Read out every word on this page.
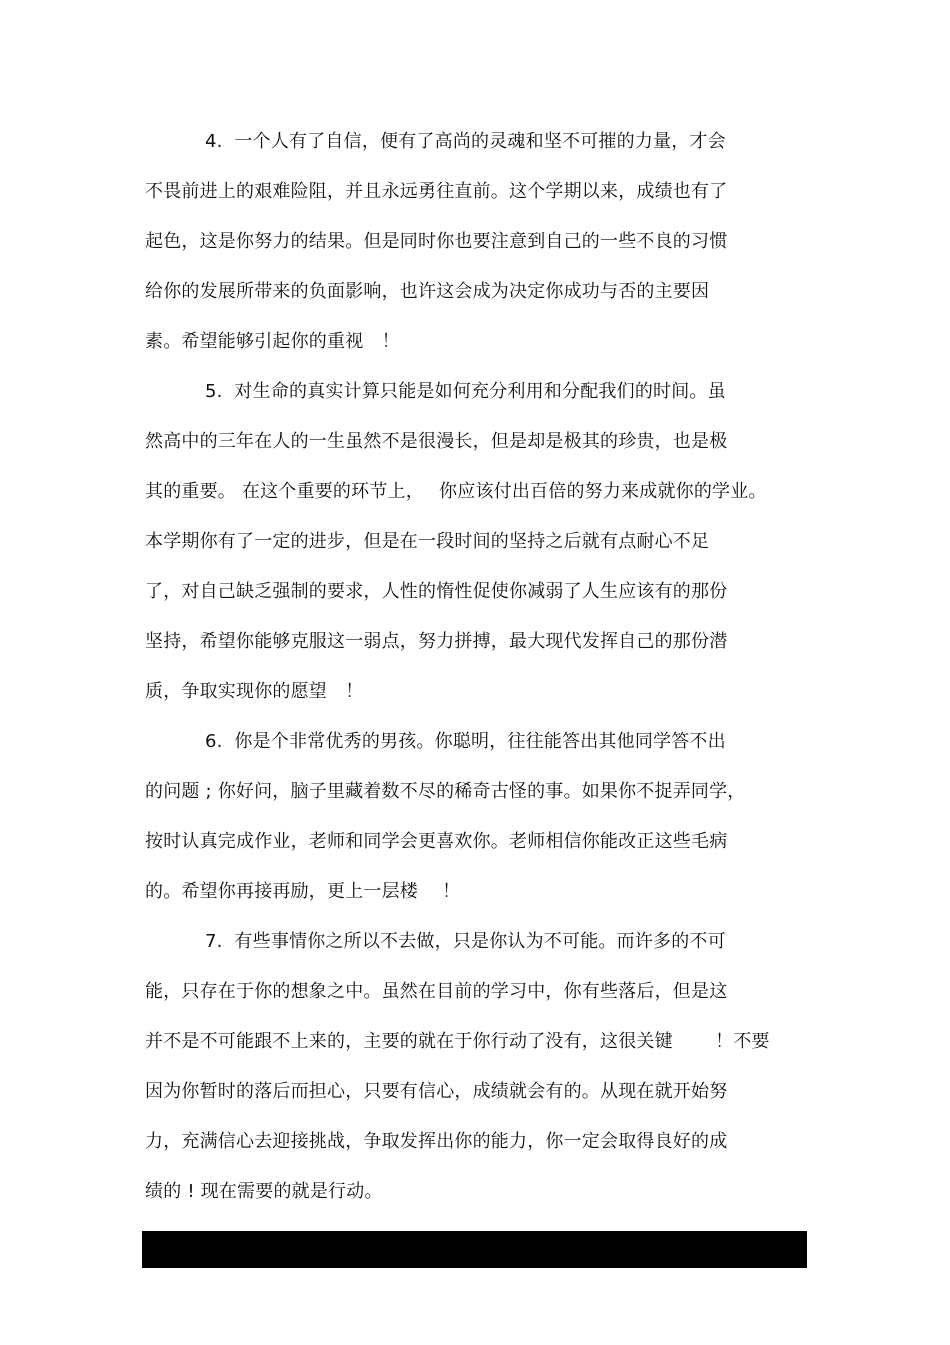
4.  一个人有了自信，便有了高尚的灵魂和坚不可摧的力量，才会
不畏前进上的艰难险阻，并且永远勇往直前。这个学期以来，成绩也有了
起色，这是你努力的结果。但是同时你也要注意到自己的一些不良的习惯
给你的发展所带来的负面影响，也许这会成为决定你成功与否的主要因
素。希望能够引起你的重视　！
5.  对生命的真实计算只能是如何充分利用和分配我们的时间。虽
然高中的三年在人的一生虽然不是很漫长，但是却是极其的珍贵，也是极
其的重要。 在这个重要的环节上，　 你应该付出百倍的努力来成就你的学业。
本学期你有了一定的进步，但是在一段时间的坚持之后就有点耐心不足
了，对自己缺乏强制的要求，人性的惰性促使你减弱了人生应该有的那份
坚持，希望你能够克服这一弱点，努力拼搏，最大现代发挥自己的那份潜
质，争取实现你的愿望　！
6.  你是个非常优秀的男孩。你聪明，往往能答出其他同学答不出
的问题 ; 你好问，脑子里藏着数不尽的稀奇古怪的事。如果你不捉弄同学，
按时认真完成作业，老师和同学会更喜欢你。老师相信你能改正这些毛病
的。希望你再接再励，更上一层楼　 ！
7.  有些事情你之所以不去做，只是你认为不可能。而许多的不可
能，只存在于你的想象之中。虽然在目前的学习中，你有些落后，但是这
并不是不可能跟不上来的，主要的就在于你行动了没有，这很关键　　 ！不要
因为你暂时的落后而担心，只要有信心，成绩就会有的。从现在就开始努
力，充满信心去迎接挑战，争取发挥出你的能力，你一定会取得良好的成
绩的 ! 现在需要的就是行动。
